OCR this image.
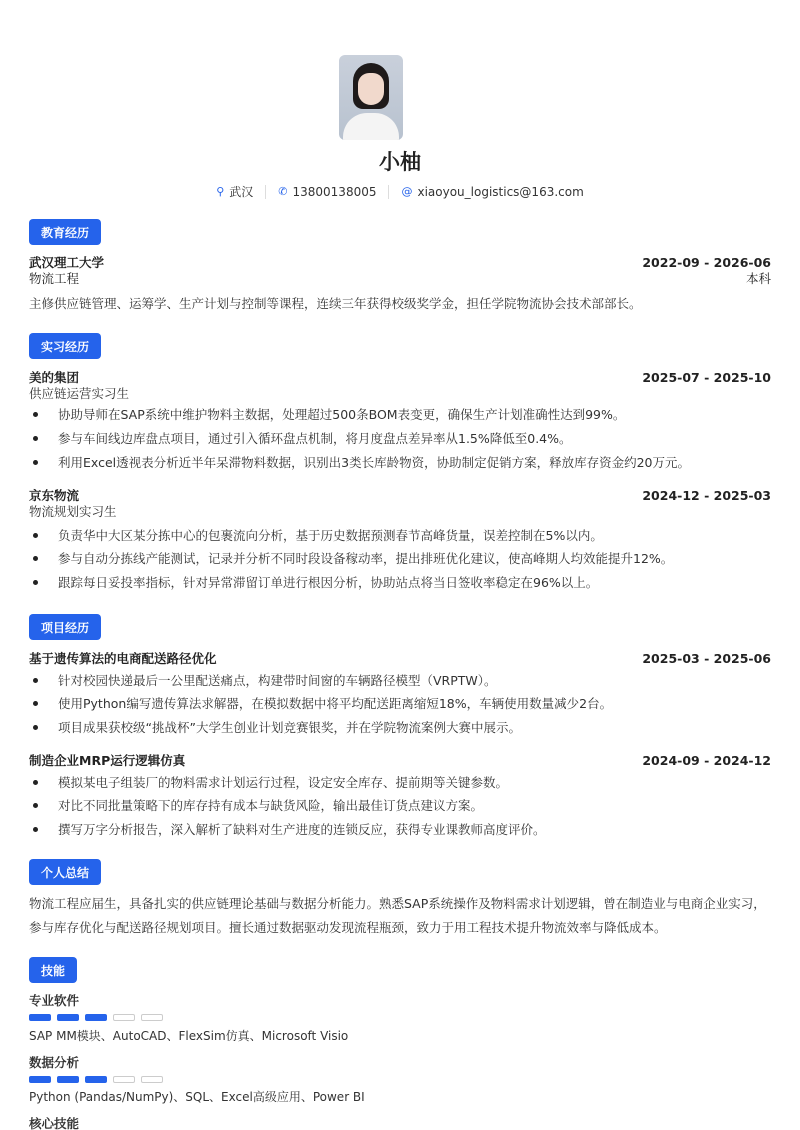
小柚
⚲ 武汉 ✆ 13800138005 @ xiaoyou_logistics@163.com
教育经历
武汉理工大学	2022-09 - 2026-06
物流工程	本科
主修供应链管理、运筹学、生产计划与控制等课程，连续三年获得校级奖学金，担任学院物流协会技术部部长。
实习经历
美的集团	2025-07 - 2025-10
供应链运营实习生
协助导师在SAP系统中维护物料主数据，处理超过500条BOM表变更，确保生产计划准确性达到99%。
参与车间线边库盘点项目，通过引入循环盘点机制，将月度盘点差异率从1.5%降低至0.4%。
利用Excel透视表分析近半年呆滞物料数据，识别出3类长库龄物资，协助制定促销方案，释放库存资金约20万元。
京东物流	2024-12 - 2025-03
物流规划实习生
负责华中大区某分拣中心的包裹流向分析，基于历史数据预测春节高峰货量，误差控制在5%以内。
参与自动分拣线产能测试，记录并分析不同时段设备稼动率，提出排班优化建议，使高峰期人均效能提升12%。
跟踪每日妥投率指标，针对异常滞留订单进行根因分析，协助站点将当日签收率稳定在96%以上。
项目经历
基于遗传算法的电商配送路径优化	2025-03 - 2025-06
针对校园快递最后一公里配送痛点，构建带时间窗的车辆路径模型（VRPTW）。
使用Python编写遗传算法求解器，在模拟数据中将平均配送距离缩短18%，车辆使用数量减少2台。
项目成果获校级“挑战杯”大学生创业计划竞赛银奖，并在学院物流案例大赛中展示。
制造企业MRP运行逻辑仿真	2024-09 - 2024-12
模拟某电子组装厂的物料需求计划运行过程，设定安全库存、提前期等关键参数。
对比不同批量策略下的库存持有成本与缺货风险，输出最佳订货点建议方案。
撰写万字分析报告，深入解析了缺料对生产进度的连锁反应，获得专业课教师高度评价。
个人总结
物流工程应届生，具备扎实的供应链理论基础与数据分析能力。熟悉SAP系统操作及物料需求计划逻辑，曾在制造业与电商企业实习，参与库存优化与配送路径规划项目。擅长通过数据驱动发现流程瓶颈，致力于用工程技术提升物流效率与降低成本。
技能
专业软件
SAP MM模块、AutoCAD、FlexSim仿真、Microsoft Visio
数据分析
Python (Pandas/NumPy)、SQL、Excel高级应用、Power BI
核心技能
